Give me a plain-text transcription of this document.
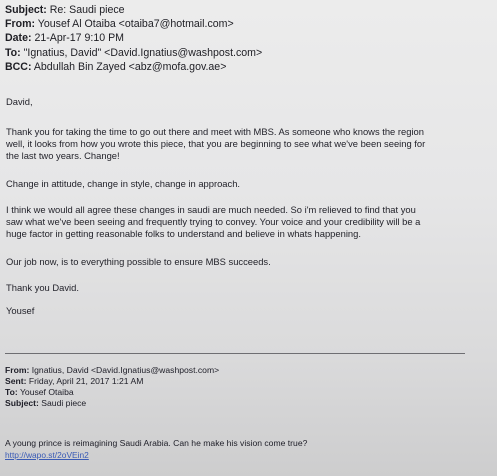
Subject: Re: Saudi piece
From: Yousef Al Otaiba <otaiba7@hotmail.com>
Date: 21-Apr-17 9:10 PM
To: "Ignatius, David" <David.Ignatius@washpost.com>
BCC: Abdullah Bin Zayed <abz@mofa.gov.ae>
David,
Thank you for taking the time to go out there and meet with MBS. As someone who knows the region
well, it looks from how you wrote this piece, that you are beginning to see what we've been seeing for
the last two years. Change!
Change in attitude, change in style, change in approach.
I think we would all agree these changes in saudi are much needed. So i'm relieved to find that you
saw what we've been seeing and frequently trying to convey. Your voice and your credibility will be a
huge factor in getting reasonable folks to understand and believe in whats happening.
Our job now, is to everything possible to ensure MBS succeeds.
Thank you David.
Yousef
From: Ignatius, David <David.Ignatius@washpost.com>
Sent: Friday, April 21, 2017 1:21 AM
To: Yousef Otaiba
Subject: Saudi piece
A young prince is reimagining Saudi Arabia. Can he make his vision come true?
http://wapo.st/2oVEin2
